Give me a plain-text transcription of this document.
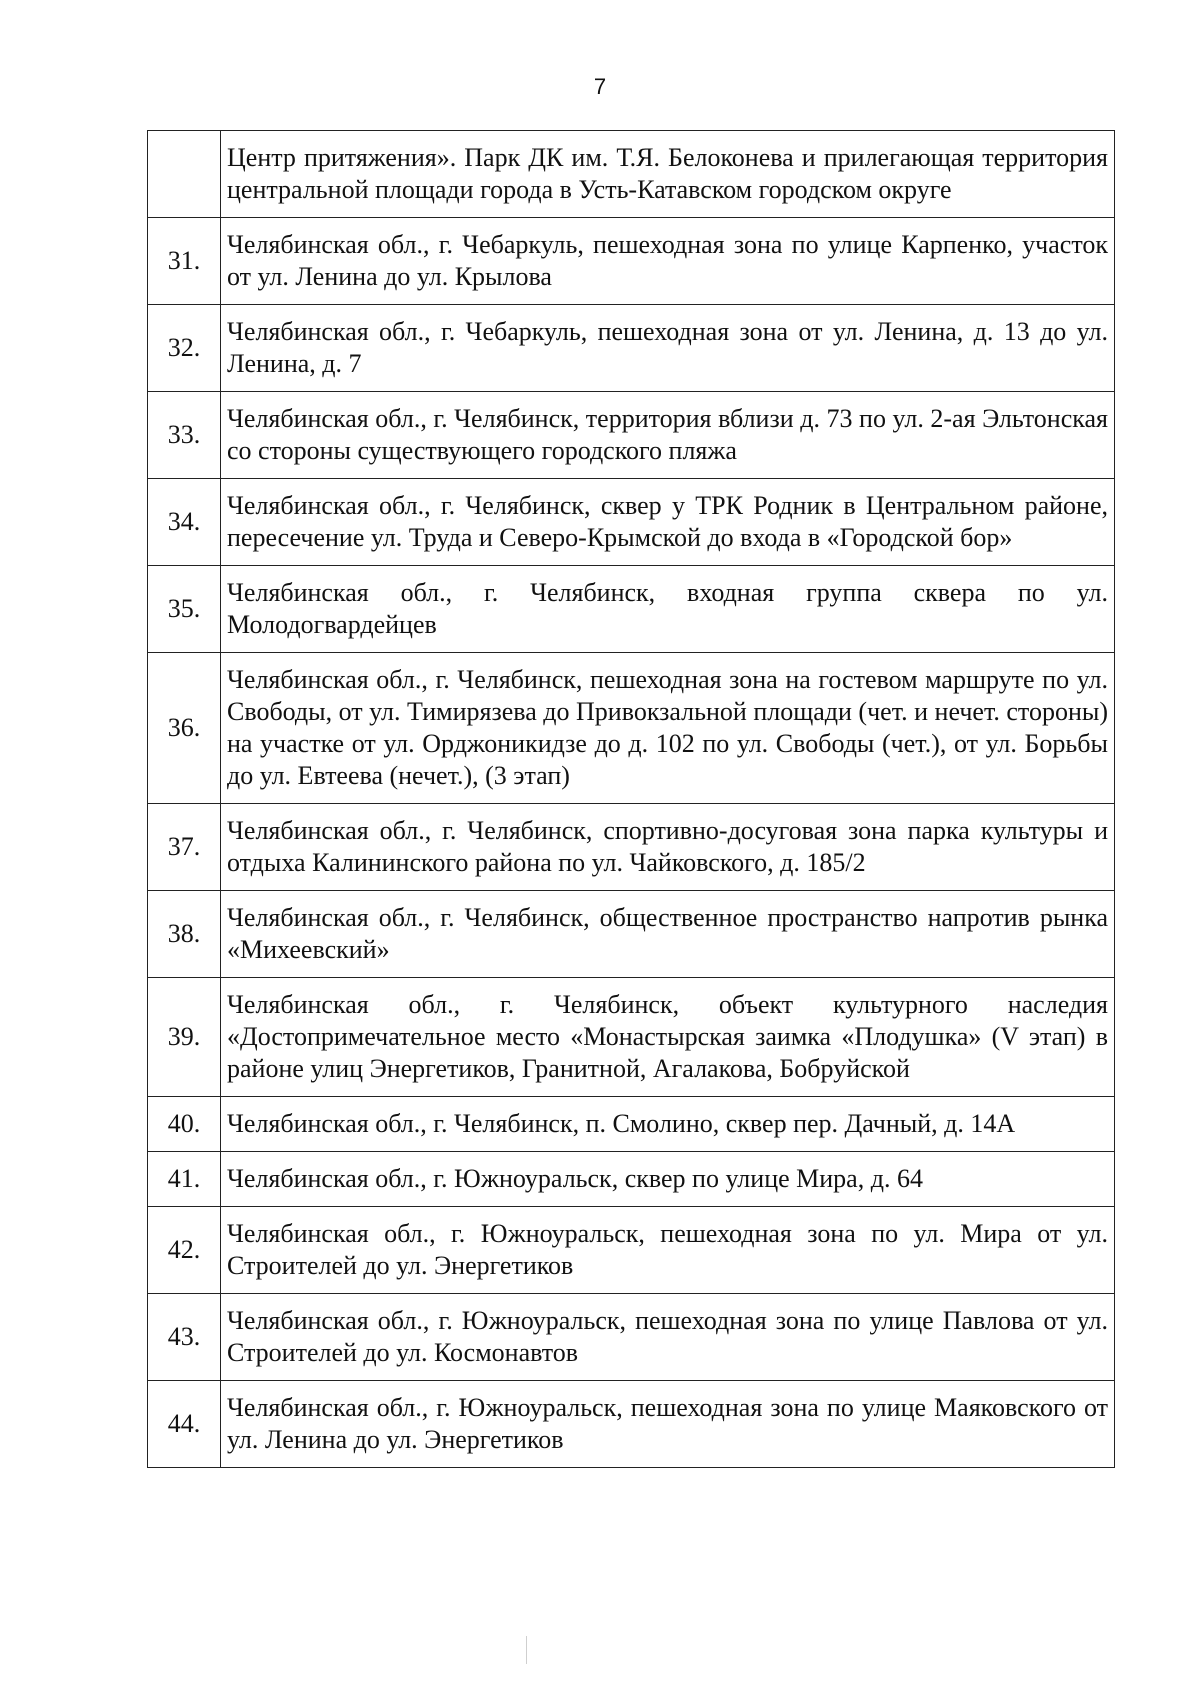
7
	Центр притяжения». Парк ДК им. Т.Я. Белоконева и прилегающая территория центральной площади города в Усть-Катавском городском округе
31.	Челябинская обл., г. Чебаркуль, пешеходная зона по улице Карпенко, участок от ул. Ленина до ул. Крылова
32.	Челябинская обл., г. Чебаркуль, пешеходная зона от ул. Ленина, д. 13 до ул. Ленина, д. 7
33.	Челябинская обл., г. Челябинск, территория вблизи д. 73 по ул. 2-ая Эльтонская со стороны существующего городского пляжа
34.	Челябинская обл., г. Челябинск, сквер у ТРК Родник в Центральном районе, пересечение ул. Труда и Северо-Крымской до входа в «Городской бор»
35.	Челябинская обл., г. Челябинск, входная группа сквера по ул. Молодогвардейцев
36.	Челябинская обл., г. Челябинск, пешеходная зона на гостевом маршруте по ул. Свободы, от ул. Тимирязева до Привокзальной площади (чет. и нечет. стороны) на участке от ул. Орджоникидзе до д. 102 по ул. Свободы (чет.), от ул. Борьбы до ул. Евтеева (нечет.), (3 этап)
37.	Челябинская обл., г. Челябинск, спортивно-досуговая зона парка культуры и отдыха Калининского района по ул. Чайковского, д. 185/2
38.	Челябинская обл., г. Челябинск, общественное пространство напротив рынка «Михеевский»
39.	Челябинская обл., г. Челябинск, объект культурного наследия «Достопримечательное место «Монастырская заимка «Плодушка» (V этап) в районе улиц Энергетиков, Гранитной, Агалакова, Бобруйской
40.	Челябинская обл., г. Челябинск, п. Смолино, сквер пер. Дачный, д. 14А
41.	Челябинская обл., г. Южноуральск, сквер по улице Мира, д. 64
42.	Челябинская обл., г. Южноуральск, пешеходная зона по ул. Мира от ул. Строителей до ул. Энергетиков
43.	Челябинская обл., г. Южноуральск, пешеходная зона по улице Павлова от ул. Строителей до ул. Космонавтов
44.	Челябинская обл., г. Южноуральск, пешеходная зона по улице Маяковского от ул. Ленина до ул. Энергетиков
